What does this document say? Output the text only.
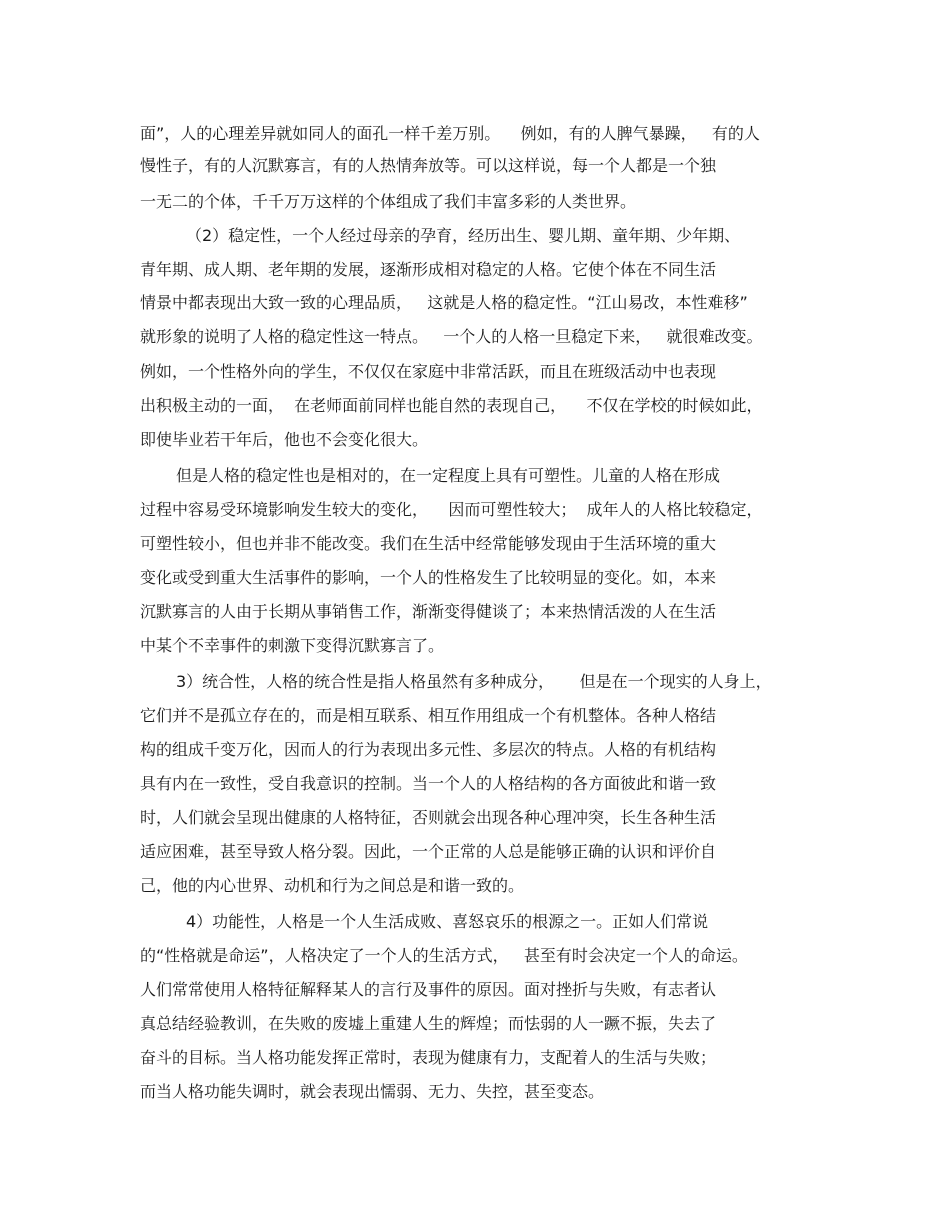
面”，人的心理差异就如同人的面孔一样千差万别。    例如，有的人脾气暴躁，   有的人

慢性子，有的人沉默寡言，有的人热情奔放等。可以这样说，每一个人都是一个独

一无二的个体，千千万万这样的个体组成了我们丰富多彩的人类世界。

（2）稳定性，一个人经过母亲的孕育，经历出生、婴儿期、童年期、少年期、

青年期、成人期、老年期的发展，逐渐形成相对稳定的人格。它使个体在不同生活

情景中都表现出大致一致的心理品质，   这就是人格的稳定性。“江山易改，本性难移”

就形象的说明了人格的稳定性这一特点。   一个人的人格一旦稳定下来，   就很难改变。

例如，一个性格外向的学生，不仅仅在家庭中非常活跃，而且在班级活动中也表现

出积极主动的一面，  在老师面前同样也能自然的表现自己，    不仅在学校的时候如此，

即使毕业若干年后，他也不会变化很大。

但是人格的稳定性也是相对的，在一定程度上具有可塑性。儿童的人格在形成

过程中容易受环境影响发生较大的变化，    因而可塑性较大；  成年人的人格比较稳定，

可塑性较小，但也并非不能改变。我们在生活中经常能够发现由于生活环境的重大

变化或受到重大生活事件的影响，一个人的性格发生了比较明显的变化。如，本来

沉默寡言的人由于长期从事销售工作，渐渐变得健谈了；本来热情活泼的人在生活

中某个不幸事件的刺激下变得沉默寡言了。

3）统合性，人格的统合性是指人格虽然有多种成分，     但是在一个现实的人身上，

它们并不是孤立存在的，而是相互联系、相互作用组成一个有机整体。各种人格结

构的组成千变万化，因而人的行为表现出多元性、多层次的特点。人格的有机结构

具有内在一致性，受自我意识的控制。当一个人的人格结构的各方面彼此和谐一致

时，人们就会呈现出健康的人格特征，否则就会出现各种心理冲突，长生各种生活

适应困难，甚至导致人格分裂。因此，一个正常的人总是能够正确的认识和评价自

己，他的内心世界、动机和行为之间总是和谐一致的。

4）功能性，人格是一个人生活成败、喜怒哀乐的根源之一。正如人们常说

的“性格就是命运”，人格决定了一个人的生活方式，   甚至有时会决定一个人的命运。

人们常常使用人格特征解释某人的言行及事件的原因。面对挫折与失败，有志者认

真总结经验教训，在失败的废墟上重建人生的辉煌；而怯弱的人一蹶不振，失去了

奋斗的目标。当人格功能发挥正常时，表现为健康有力，支配着人的生活与失败；

而当人格功能失调时，就会表现出懦弱、无力、失控，甚至变态。
